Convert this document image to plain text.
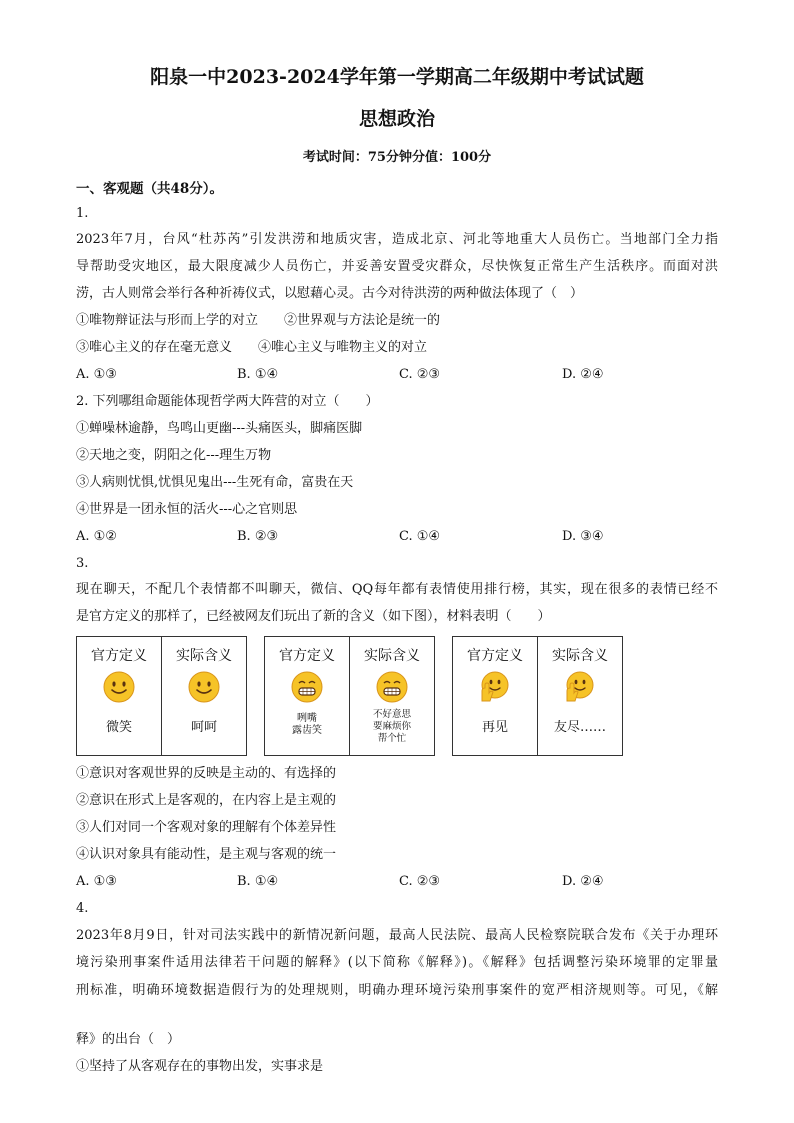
阳泉一中2023-2024学年第一学期高二年级期中考试试题
思想政治
考试时间：75分钟分值：100分
一、客观题（共48分）。
1.
2023年7月，台风“杜苏芮”引发洪涝和地质灾害，造成北京、河北等地重大人员伤亡。当地部门全力指
导帮助受灾地区，最大限度减少人员伤亡，并妥善安置受灾群众，尽快恢复正常生产生活秩序。而面对洪
涝，古人则常会举行各种祈祷仪式，以慰藉心灵。古今对待洪涝的两种做法体现了（　）
①唯物辩证法与形而上学的对立　　②世界观与方法论是统一的
③唯心主义的存在毫无意义　　④唯心主义与唯物主义的对立
A. ①③	B. ①④	C. ②③	D. ②④
2. 下列哪组命题能体现哲学两大阵营的对立（　　）
①蝉噪林逾静，鸟鸣山更幽---头痛医头，脚痛医脚
②天地之变，阴阳之化---理生万物
③人病则忧惧,忧惧见鬼出---生死有命，富贵在天
④世界是一团永恒的活火---心之官则思
A. ①②	B. ②③	C. ①④	D. ③④
3.
现在聊天，不配几个表情都不叫聊天，微信、QQ每年都有表情使用排行榜，其实，现在很多的表情已经不
是官方定义的那样了，已经被网友们玩出了新的含义（如下图），材料表明（　　）
官方定义
微笑
实际含义
呵呵
官方定义
咧嘴
露齿笑
实际含义
不好意思
要麻烦你
帮个忙
官方定义
再见
实际含义
友尽……
①意识对客观世界的反映是主动的、有选择的
②意识在形式上是客观的，在内容上是主观的
③人们对同一个客观对象的理解有个体差异性
④认识对象具有能动性，是主观与客观的统一
A. ①③	B. ①④	C. ②③	D. ②④
4.
2023年8月9日，针对司法实践中的新情况新问题，最高人民法院、最高人民检察院联合发布《关于办理环
境污染刑事案件适用法律若干问题的解释》(以下简称《解释》)。《解释》包括调整污染环境罪的定罪量
刑标准，明确环境数据造假行为的处理规则，明确办理环境污染刑事案件的宽严相济规则等。可见，《解
释》的出台（　）
①坚持了从客观存在的事物出发，实事求是
